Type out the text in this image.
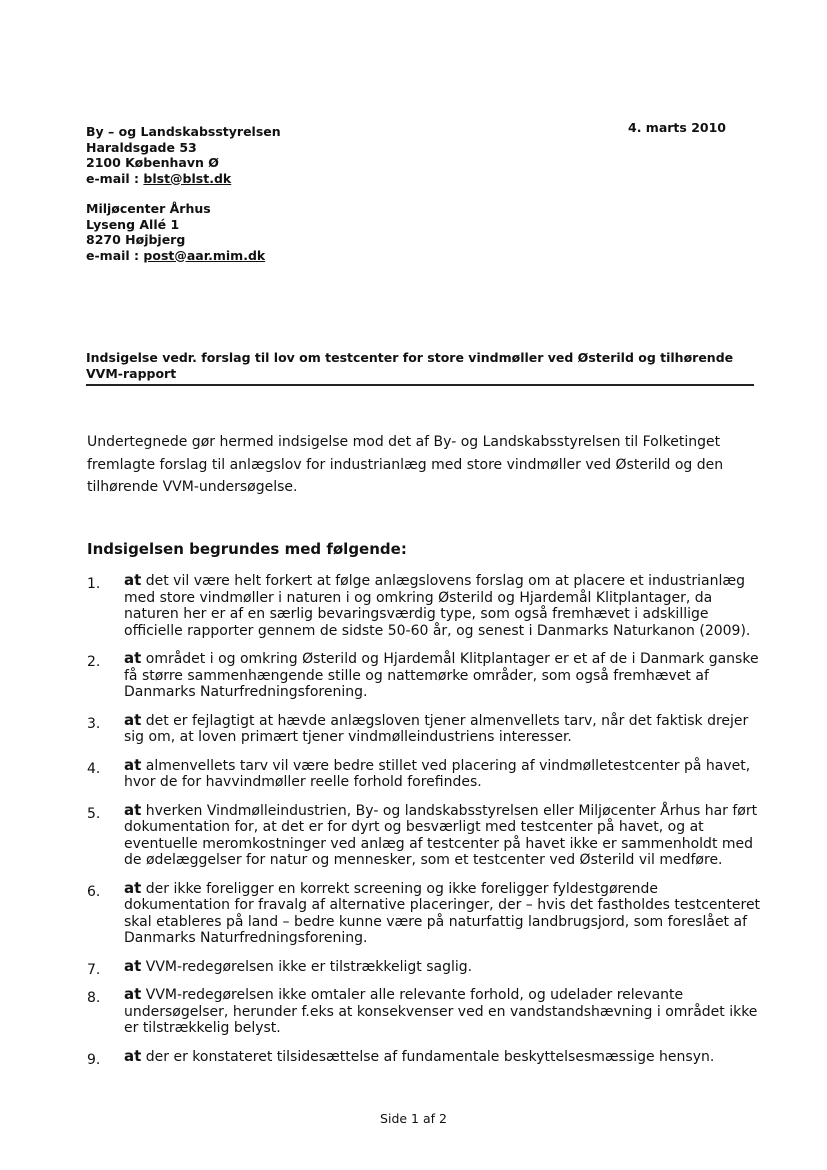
4. marts 2010
By – og Landskabsstyrelsen
Haraldsgade 53
2100 København Ø
e-mail : blst@blst.dk
Miljøcenter Århus
Lyseng Allé 1
8270 Højbjerg
e-mail : post@aar.mim.dk
Indsigelse vedr. forslag til lov om testcenter for store vindmøller ved Østerild og tilhørende VVM-rapport
Undertegnede gør hermed indsigelse mod det af By- og Landskabsstyrelsen til Folketinget fremlagte forslag til anlægslov for industrianlæg med store vindmøller ved Østerild og den tilhørende VVM-undersøgelse.
Indsigelsen begrundes med følgende:
1. at det vil være helt forkert at følge anlægslovens forslag om at placere et industrianlæg med store vindmøller i naturen i og omkring Østerild og Hjardemål Klitplantager, da naturen her er af en særlig bevaringsværdig type, som også fremhævet i adskillige officielle rapporter gennem de sidste 50-60 år, og senest i Danmarks Naturkanon (2009).
2. at området i og omkring Østerild og Hjardemål Klitplantager er et af de i Danmark ganske få større sammenhængende stille og nattemørke områder, som også fremhævet af Danmarks Naturfredningsforening.
3. at det er fejlagtigt at hævde anlægsloven tjener almenvellets tarv, når det faktisk drejer sig om, at loven primært tjener vindmølleindustriens interesser.
4. at almenvellets tarv vil være bedre stillet ved placering af vindmølletestcenter på havet, hvor de for havvindmøller reelle forhold forefindes.
5. at hverken Vindmølleindustrien, By- og landskabsstyrelsen eller Miljøcenter Århus har ført dokumentation for, at det er for dyrt og besværligt med testcenter på havet, og at eventuelle meromkostninger ved anlæg af testcenter på havet ikke er sammenholdt med de ødelæggelser for natur og mennesker, som et testcenter ved Østerild vil medføre.
6. at der ikke foreligger en korrekt screening og ikke foreligger fyldestgørende dokumentation for fravalg af alternative placeringer, der – hvis det fastholdes testcenteret skal etableres på land – bedre kunne være på naturfattig landbrugsjord, som foreslået af Danmarks Naturfredningsforening.
7. at VVM-redegørelsen ikke er tilstrækkeligt saglig.
8. at VVM-redegørelsen ikke omtaler alle relevante forhold, og udelader relevante undersøgelser, herunder f.eks at konsekvenser ved en vandstandshævning i området ikke er tilstrækkelig belyst.
9. at der er konstateret tilsidesættelse af fundamentale beskyttelsesmæssige hensyn.
Side 1 af 2
